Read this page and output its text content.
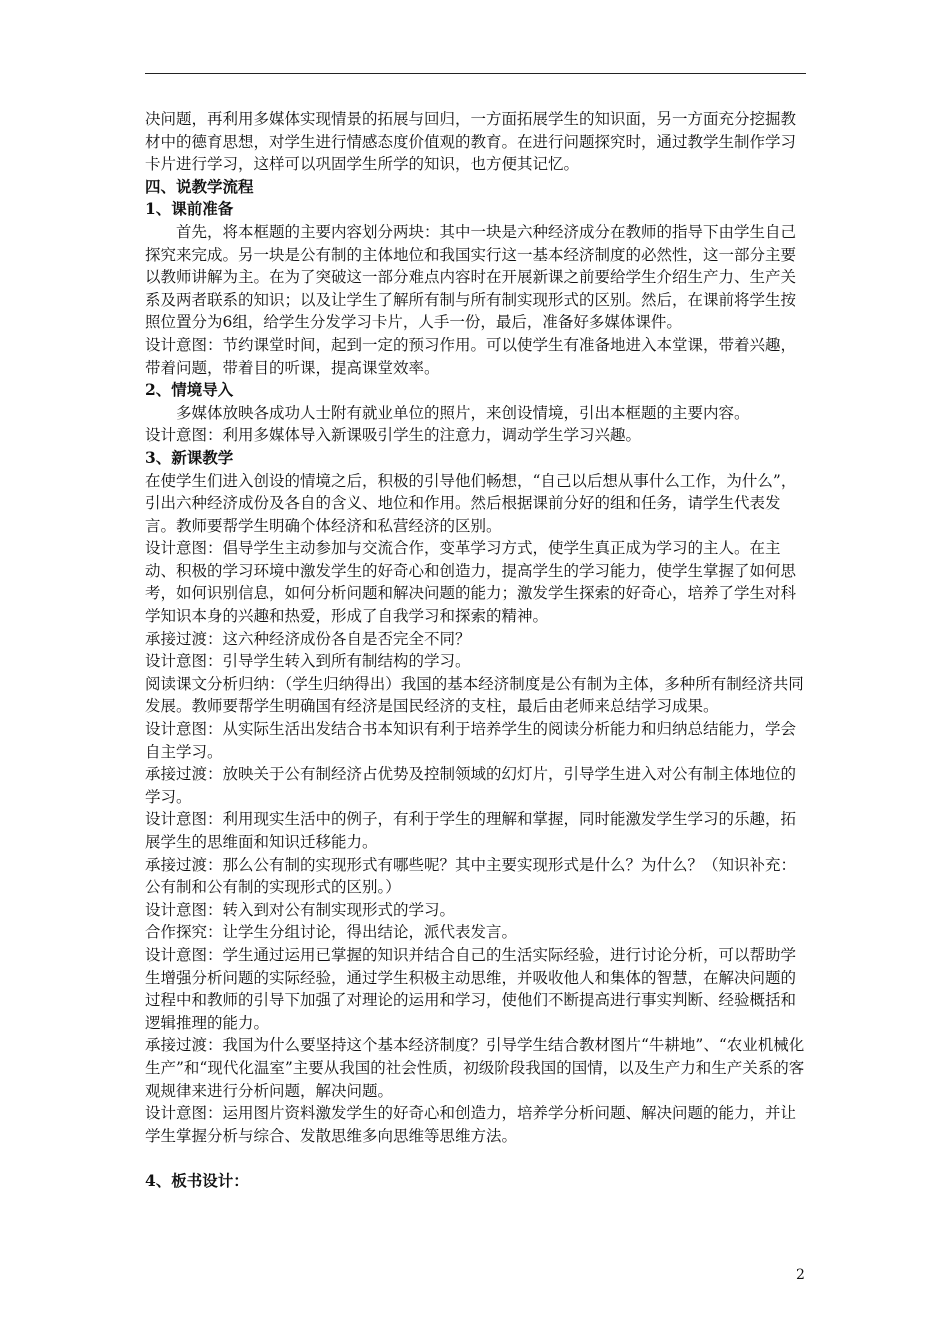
决问题，再利用多媒体实现情景的拓展与回归，一方面拓展学生的知识面，另一方面充分挖掘教材中的德育思想，对学生进行情感态度价值观的教育。在进行问题探究时，通过教学生制作学习卡片进行学习，这样可以巩固学生所学的知识，也方便其记忆。

四、说教学流程

1、课前准备

首先，将本框题的主要内容划分两块：其中一块是六种经济成分在教师的指导下由学生自己探究来完成。另一块是公有制的主体地位和我国实行这一基本经济制度的必然性，这一部分主要以教师讲解为主。在为了突破这一部分难点内容时在开展新课之前要给学生介绍生产力、生产关系及两者联系的知识；以及让学生了解所有制与所有制实现形式的区别。然后，在课前将学生按照位置分为6组，给学生分发学习卡片，人手一份，最后，准备好多媒体课件。

设计意图：节约课堂时间，起到一定的预习作用。可以使学生有准备地进入本堂课，带着兴趣，带着问题，带着目的听课，提高课堂效率。

2、情境导入

多媒体放映各成功人士附有就业单位的照片，来创设情境，引出本框题的主要内容。

设计意图：利用多媒体导入新课吸引学生的注意力，调动学生学习兴趣。

3、新课教学

在使学生们进入创设的情境之后，积极的引导他们畅想，“自己以后想从事什么工作，为什么”，引出六种经济成份及各自的含义、地位和作用。然后根据课前分好的组和任务，请学生代表发言。教师要帮学生明确个体经济和私营经济的区别。

设计意图：倡导学生主动参加与交流合作，变革学习方式，使学生真正成为学习的主人。在主动、积极的学习环境中激发学生的好奇心和创造力，提高学生的学习能力，使学生掌握了如何思考，如何识别信息，如何分析问题和解决问题的能力；激发学生探索的好奇心，培养了学生对科学知识本身的兴趣和热爱，形成了自我学习和探索的精神。

承接过渡：这六种经济成份各自是否完全不同？

设计意图：引导学生转入到所有制结构的学习。

阅读课文分析归纳：（学生归纳得出）我国的基本经济制度是公有制为主体，多种所有制经济共同发展。教师要帮学生明确国有经济是国民经济的支柱，最后由老师来总结学习成果。

设计意图：从实际生活出发结合书本知识有利于培养学生的阅读分析能力和归纳总结能力，学会自主学习。

承接过渡：放映关于公有制经济占优势及控制领域的幻灯片，引导学生进入对公有制主体地位的学习。

设计意图：利用现实生活中的例子，有利于学生的理解和掌握，同时能激发学生学习的乐趣，拓展学生的思维面和知识迁移能力。

承接过渡：那么公有制的实现形式有哪些呢？其中主要实现形式是什么？为什么？（知识补充：公有制和公有制的实现形式的区别。）

设计意图：转入到对公有制实现形式的学习。

合作探究：让学生分组讨论，得出结论，派代表发言。

设计意图：学生通过运用已掌握的知识并结合自己的生活实际经验，进行讨论分析，可以帮助学生增强分析问题的实际经验，通过学生积极主动思维，并吸收他人和集体的智慧，在解决问题的过程中和教师的引导下加强了对理论的运用和学习，使他们不断提高进行事实判断、经验概括和逻辑推理的能力。

承接过渡：我国为什么要坚持这个基本经济制度？引导学生结合教材图片“牛耕地”、“农业机械化生产”和“现代化温室”主要从我国的社会性质，初级阶段我国的国情，以及生产力和生产关系的客观规律来进行分析问题，解决问题。

设计意图：运用图片资料激发学生的好奇心和创造力，培养学分析问题、解决问题的能力，并让学生掌握分析与综合、发散思维多向思维等思维方法。

4、板书设计：

2
